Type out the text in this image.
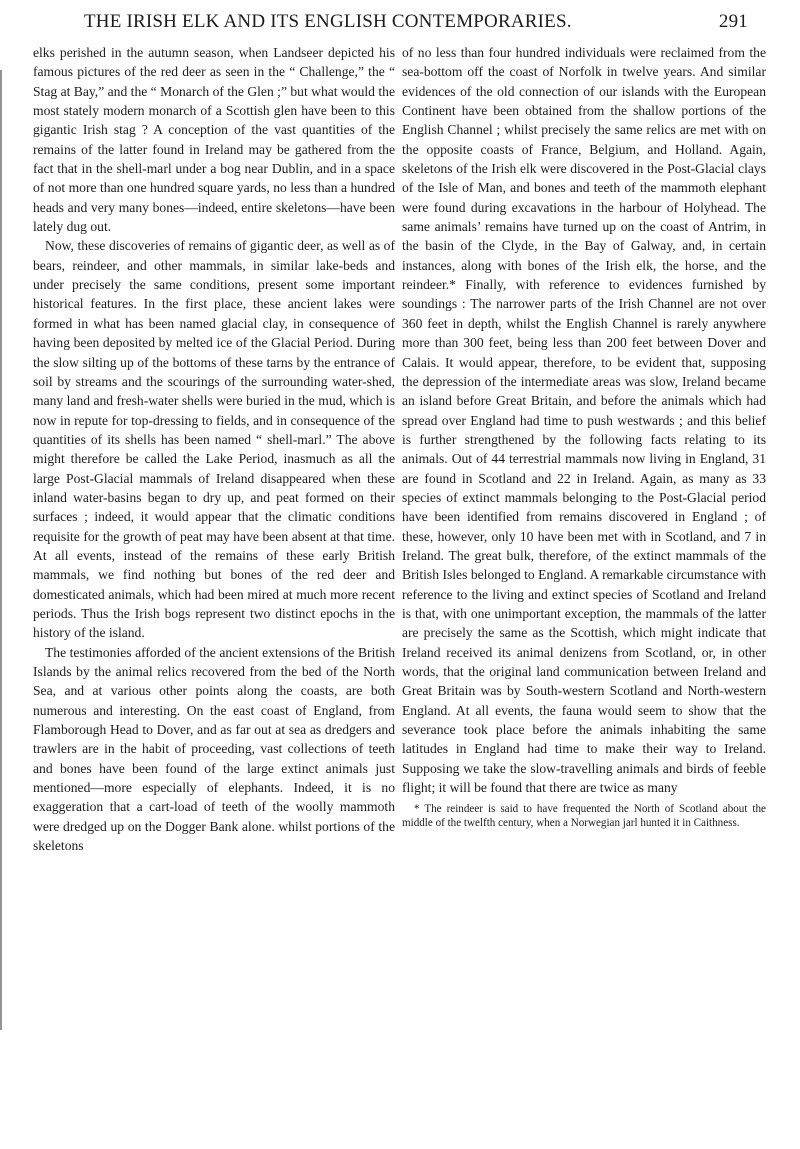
THE IRISH ELK AND ITS ENGLISH CONTEMPORARIES.	291

elks perished in the autumn season, when Landseer depicted his famous pictures of the red deer as seen in the “ Challenge,” the “ Stag at Bay,” and the “ Monarch of the Glen ;” but what would the most stately modern monarch of a Scottish glen have been to this gigantic Irish stag ? A conception of the vast quantities of the remains of the latter found in Ireland may be gathered from the fact that in the shell-marl under a bog near Dublin, and in a space of not more than one hundred square yards, no less than a hundred heads and very many bones—indeed, entire skeletons—have been lately dug out.

Now, these discoveries of remains of gigantic deer, as well as of bears, reindeer, and other mammals, in similar lake-beds and under precisely the same conditions, present some important historical features. In the first place, these ancient lakes were formed in what has been named glacial clay, in consequence of having been deposited by melted ice of the Glacial Period. During the slow silting up of the bottoms of these tarns by the entrance of soil by streams and the scourings of the surrounding water-shed, many land and fresh-water shells were buried in the mud, which is now in repute for top-dressing to fields, and in consequence of the quantities of its shells has been named “ shell-marl.” The above might therefore be called the Lake Period, inasmuch as all the large Post-Glacial mammals of Ireland disappeared when these inland water-basins began to dry up, and peat formed on their surfaces ; indeed, it would appear that the climatic conditions requisite for the growth of peat may have been absent at that time. At all events, instead of the remains of these early British mammals, we find nothing but bones of the red deer and domesticated animals, which had been mired at much more recent periods. Thus the Irish bogs represent two distinct epochs in the history of the island.

The testimonies afforded of the ancient extensions of the British Islands by the animal relics recovered from the bed of the North Sea, and at various other points along the coasts, are both numerous and interesting. On the east coast of England, from Flamborough Head to Dover, and as far out at sea as dredgers and trawlers are in the habit of proceeding, vast collections of teeth and bones have been found of the large extinct animals just mentioned—more especially of elephants. Indeed, it is no exaggeration that a cart-load of teeth of the woolly mammoth were dredged up on the Dogger Bank alone. whilst portions of the skeletons

of no less than four hundred individuals were reclaimed from the sea-bottom off the coast of Norfolk in twelve years. And similar evidences of the old connection of our islands with the European Continent have been obtained from the shallow portions of the English Channel ; whilst precisely the same relics are met with on the opposite coasts of France, Belgium, and Holland. Again, skeletons of the Irish elk were discovered in the Post-Glacial clays of the Isle of Man, and bones and teeth of the mammoth elephant were found during excavations in the harbour of Holyhead. The same animals’ remains have turned up on the coast of Antrim, in the basin of the Clyde, in the Bay of Galway, and, in certain instances, along with bones of the Irish elk, the horse, and the reindeer.* Finally, with reference to evidences furnished by soundings : The narrower parts of the Irish Channel are not over 360 feet in depth, whilst the English Channel is rarely anywhere more than 300 feet, being less than 200 feet between Dover and Calais. It would appear, therefore, to be evident that, supposing the depression of the intermediate areas was slow, Ireland became an island before Great Britain, and before the animals which had spread over England had time to push westwards ; and this belief is further strengthened by the following facts relating to its animals. Out of 44 terrestrial mammals now living in England, 31 are found in Scotland and 22 in Ireland. Again, as many as 33 species of extinct mammals belonging to the Post-Glacial period have been identified from remains discovered in England ; of these, however, only 10 have been met with in Scotland, and 7 in Ireland. The great bulk, therefore, of the extinct mammals of the British Isles belonged to England. A remarkable circumstance with reference to the living and extinct species of Scotland and Ireland is that, with one unimportant exception, the mammals of the latter are precisely the same as the Scottish, which might indicate that Ireland received its animal denizens from Scotland, or, in other words, that the original land communication between Ireland and Great Britain was by South-western Scotland and North-western England. At all events, the fauna would seem to show that the severance took place before the animals inhabiting the same latitudes in England had time to make their way to Ireland. Supposing we take the slow-travelling animals and birds of feeble flight; it will be found that there are twice as many

* The reindeer is said to have frequented the North of Scotland about the middle of the twelfth century, when a Norwegian jarl hunted it in Caithness.
